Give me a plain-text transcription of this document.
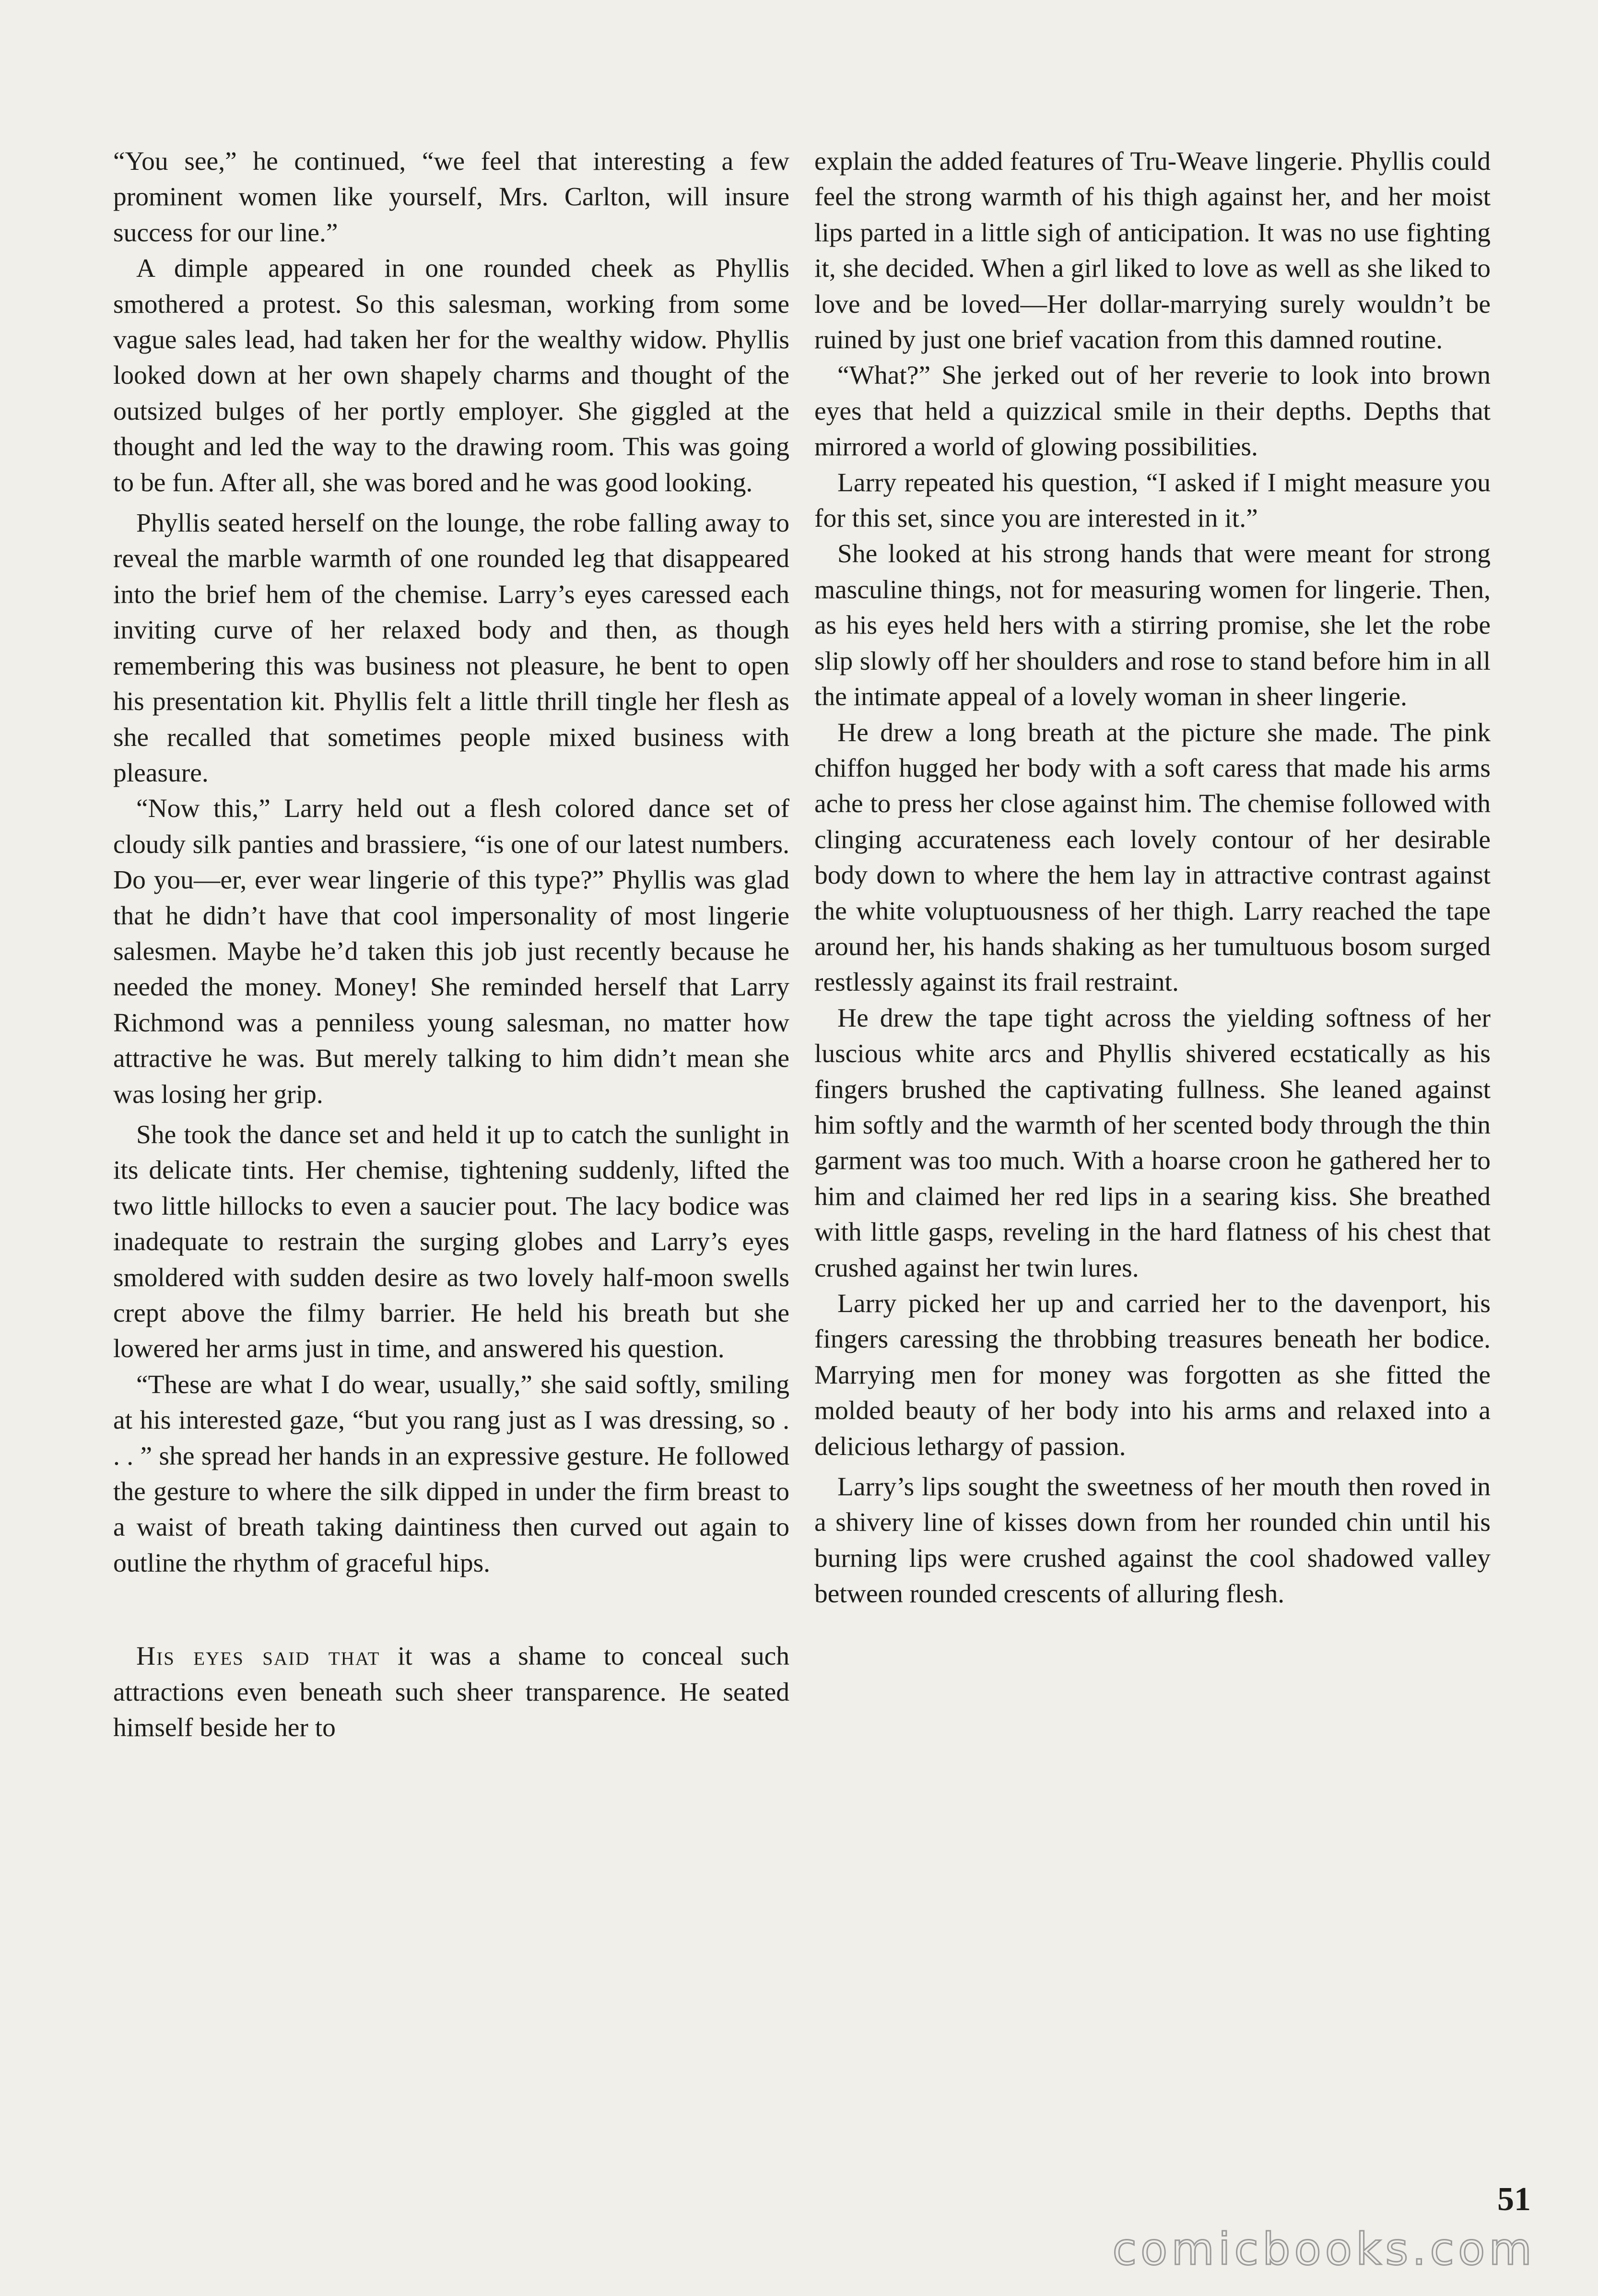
“You see,” he continued, “we feel that interesting a few prominent women like yourself, Mrs. Carlton, will insure success for our line.”

A dimple appeared in one rounded cheek as Phyllis smothered a protest. So this salesman, working from some vague sales lead, had taken her for the wealthy widow. Phyllis looked down at her own shapely charms and thought of the outsized bulges of her portly employer. She giggled at the thought and led the way to the drawing room. This was going to be fun. After all, she was bored and he was good looking.

Phyllis seated herself on the lounge, the robe falling away to reveal the marble warmth of one rounded leg that disappeared into the brief hem of the chemise. Larry’s eyes caressed each inviting curve of her relaxed body and then, as though remembering this was business not pleasure, he bent to open his presentation kit. Phyllis felt a little thrill tingle her flesh as she recalled that sometimes people mixed business with pleasure.

“Now this,” Larry held out a flesh colored dance set of cloudy silk panties and brassiere, “is one of our latest numbers. Do you—er, ever wear lingerie of this type?” Phyllis was glad that he didn’t have that cool impersonality of most lingerie salesmen. Maybe he’d taken this job just recently because he needed the money. Money! She reminded herself that Larry Richmond was a penniless young salesman, no matter how attractive he was. But merely talking to him didn’t mean she was losing her grip.

She took the dance set and held it up to catch the sunlight in its delicate tints. Her chemise, tightening suddenly, lifted the two little hillocks to even a saucier pout. The lacy bodice was inadequate to restrain the surging globes and Larry’s eyes smoldered with sudden desire as two lovely half-moon swells crept above the filmy barrier. He held his breath but she lowered her arms just in time, and answered his question.

“These are what I do wear, usually,” she said softly, smiling at his interested gaze, “but you rang just as I was dressing, so . . . ” she spread her hands in an expressive gesture. He followed the gesture to where the silk dipped in under the firm breast to a waist of breath taking daintiness then curved out again to outline the rhythm of graceful hips.

His eyes said that it was a shame to conceal such attractions even beneath such sheer transparence. He seated himself beside her to

explain the added features of Tru-Weave lingerie. Phyllis could feel the strong warmth of his thigh against her, and her moist lips parted in a little sigh of anticipation. It was no use fighting it, she decided. When a girl liked to love as well as she liked to love and be loved—Her dollar-marrying surely wouldn’t be ruined by just one brief vacation from this damned routine.

“What?” She jerked out of her reverie to look into brown eyes that held a quizzical smile in their depths. Depths that mirrored a world of glowing possibilities.

Larry repeated his question, “I asked if I might measure you for this set, since you are interested in it.”

She looked at his strong hands that were meant for strong masculine things, not for measuring women for lingerie. Then, as his eyes held hers with a stirring promise, she let the robe slip slowly off her shoulders and rose to stand before him in all the intimate appeal of a lovely woman in sheer lingerie.

He drew a long breath at the picture she made. The pink chiffon hugged her body with a soft caress that made his arms ache to press her close against him. The chemise followed with clinging accurateness each lovely contour of her desirable body down to where the hem lay in attractive contrast against the white voluptuousness of her thigh. Larry reached the tape around her, his hands shaking as her tumultuous bosom surged restlessly against its frail restraint.

He drew the tape tight across the yielding softness of her luscious white arcs and Phyllis shivered ecstatically as his fingers brushed the captivating fullness. She leaned against him softly and the warmth of her scented body through the thin garment was too much. With a hoarse croon he gathered her to him and claimed her red lips in a searing kiss. She breathed with little gasps, reveling in the hard flatness of his chest that crushed against her twin lures.

Larry picked her up and carried her to the davenport, his fingers caressing the throbbing treasures beneath her bodice. Marrying men for money was forgotten as she fitted the molded beauty of her body into his arms and relaxed into a delicious lethargy of passion.

Larry’s lips sought the sweetness of her mouth then roved in a shivery line of kisses down from her rounded chin until his burning lips were crushed against the cool shadowed valley between rounded crescents of alluring flesh.

51
comicbooks.com
